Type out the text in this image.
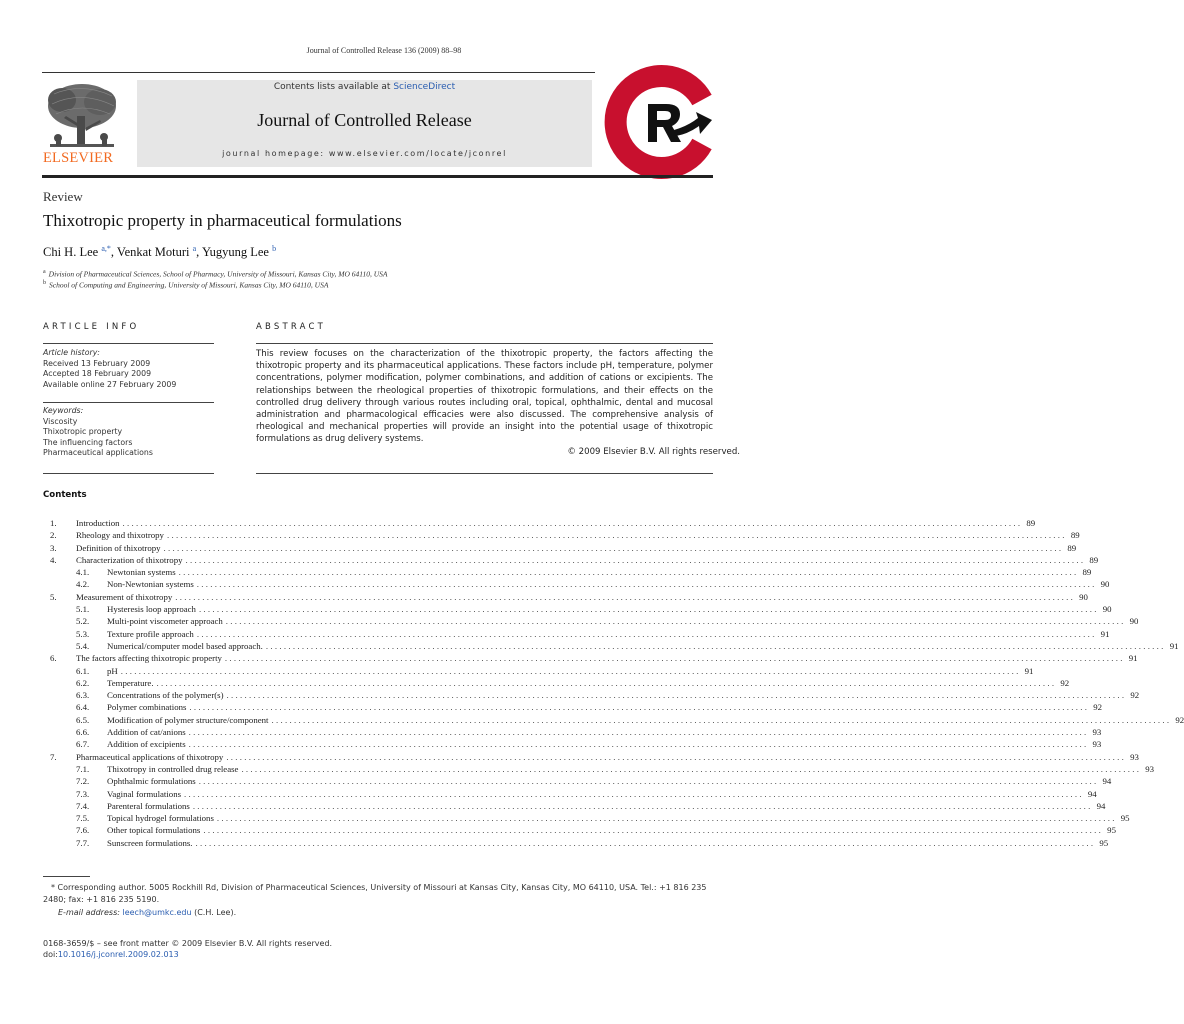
Journal of Controlled Release 136 (2009) 88–98
ELSEVIER
Contents lists available at ScienceDirect
Journal of Controlled Release
journal homepage: www.elsevier.com/locate/jconrel
Review
Thixotropic property in pharmaceutical formulations
Chi H. Lee $^{a,*}$, Venkat Moturi $^a$, Yugyung Lee $^b$
$^a$ Division of Pharmaceutical Sciences, School of Pharmacy, University of Missouri, Kansas City, MO 64110, USA
$^b$ School of Computing and Engineering, University of Missouri, Kansas City, MO 64110, USA
ARTICLE INFO
Article history:
Received 13 February 2009
Accepted 18 February 2009
Available online 27 February 2009
Keywords:
Viscosity
Thixotropic property
The influencing factors
Pharmaceutical applications
ABSTRACT
This review focuses on the characterization of the thixotropic property, the factors affecting the thixotropic property and its pharmaceutical applications. These factors include pH, temperature, polymer concentrations, polymer modification, polymer combinations, and addition of cations or excipients. The relationships between the rheological properties of thixotropic formulations, and their effects on the controlled drug delivery through various routes including oral, topical, ophthalmic, dental and mucosal administration and pharmacological efficacies were also discussed. The comprehensive analysis of rheological and mechanical properties will provide an insight into the potential usage of thixotropic formulations as drug delivery systems.
© 2009 Elsevier B.V. All rights reserved.
Contents
1.	Introduction ........................................................................................................................................................................................................ 89
2.	Rheology and thixotropy ........................................................................................................................................................................................................ 89
3.	Definition of thixotropy ........................................................................................................................................................................................................ 89
4.	Characterization of thixotropy ........................................................................................................................................................................................................ 89
4.1.	Newtonian systems ........................................................................................................................................................................................................ 89
4.2.	Non-Newtonian systems ........................................................................................................................................................................................................ 90
5.	Measurement of thixotropy ........................................................................................................................................................................................................ 90
5.1.	Hysteresis loop approach ........................................................................................................................................................................................................ 90
5.2.	Multi-point viscometer approach ........................................................................................................................................................................................................ 90
5.3.	Texture profile approach ........................................................................................................................................................................................................ 91
5.4.	Numerical/computer model based approach. ........................................................................................................................................................................................................ 91
6.	The factors affecting thixotropic property ........................................................................................................................................................................................................ 91
6.1.	pH ........................................................................................................................................................................................................ 91
6.2.	Temperature. ........................................................................................................................................................................................................ 92
6.3.	Concentrations of the polymer(s) ........................................................................................................................................................................................................ 92
6.4.	Polymer combinations ........................................................................................................................................................................................................ 92
6.5.	Modification of polymer structure/component ........................................................................................................................................................................................................ 92
6.6.	Addition of cat/anions ........................................................................................................................................................................................................ 93
6.7.	Addition of excipients ........................................................................................................................................................................................................ 93
7.	Pharmaceutical applications of thixotropy ........................................................................................................................................................................................................ 93
7.1.	Thixotropy in controlled drug release ........................................................................................................................................................................................................ 93
7.2.	Ophthalmic formulations ........................................................................................................................................................................................................ 94
7.3.	Vaginal formulations ........................................................................................................................................................................................................ 94
7.4.	Parenteral formulations ........................................................................................................................................................................................................ 94
7.5.	Topical hydrogel formulations ........................................................................................................................................................................................................ 95
7.6.	Other topical formulations ........................................................................................................................................................................................................ 95
7.7.	Sunscreen formulations. ........................................................................................................................................................................................................ 95
* Corresponding author. 5005 Rockhill Rd, Division of Pharmaceutical Sciences, University of Missouri at Kansas City, Kansas City, MO 64110, USA. Tel.: +1 816 235 2480; fax: +1 816 235 5190.
E-mail address: leech@umkc.edu (C.H. Lee).
0168-3659/$ – see front matter © 2009 Elsevier B.V. All rights reserved.
doi:10.1016/j.jconrel.2009.02.013
